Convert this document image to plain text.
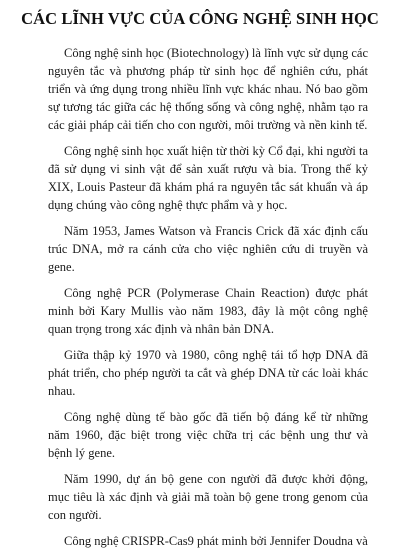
CÁC LĨNH VỰC CỦA CÔNG NGHỆ SINH HỌC

Công nghệ sinh học (Biotechnology) là lĩnh vực sử dụng các nguyên tắc và phương pháp từ sinh học để nghiên cứu, phát triển và ứng dụng trong nhiều lĩnh vực khác nhau. Nó bao gồm sự tương tác giữa các hệ thống sống và công nghệ, nhằm tạo ra các giải pháp cải tiến cho con người, môi trường và nền kinh tế.

Công nghệ sinh học xuất hiện từ thời kỳ Cổ đại, khi người ta đã sử dụng vi sinh vật để sản xuất rượu và bia. Trong thế kỷ XIX, Louis Pasteur đã khám phá ra nguyên tắc sát khuẩn và áp dụng chúng vào công nghệ thực phẩm và y học.

Năm 1953, James Watson và Francis Crick đã xác định cấu trúc DNA, mở ra cánh cửa cho việc nghiên cứu di truyền và gene.

Công nghệ PCR (Polymerase Chain Reaction) được phát minh bởi Kary Mullis vào năm 1983, đây là một công nghệ quan trọng trong xác định và nhân bản DNA.

Giữa thập kỷ 1970 và 1980, công nghệ tái tổ hợp DNA đã phát triển, cho phép người ta cắt và ghép DNA từ các loài khác nhau.

Công nghệ dùng tế bào gốc đã tiến bộ đáng kể từ những năm 1960, đặc biệt trong việc chữa trị các bệnh ung thư và bệnh lý gene.

Năm 1990, dự án bộ gene con người đã được khởi động, mục tiêu là xác định và giải mã toàn bộ gene trong genom của con người.

Công nghệ CRISPR-Cas9 phát minh bởi Jennifer Doudna và
